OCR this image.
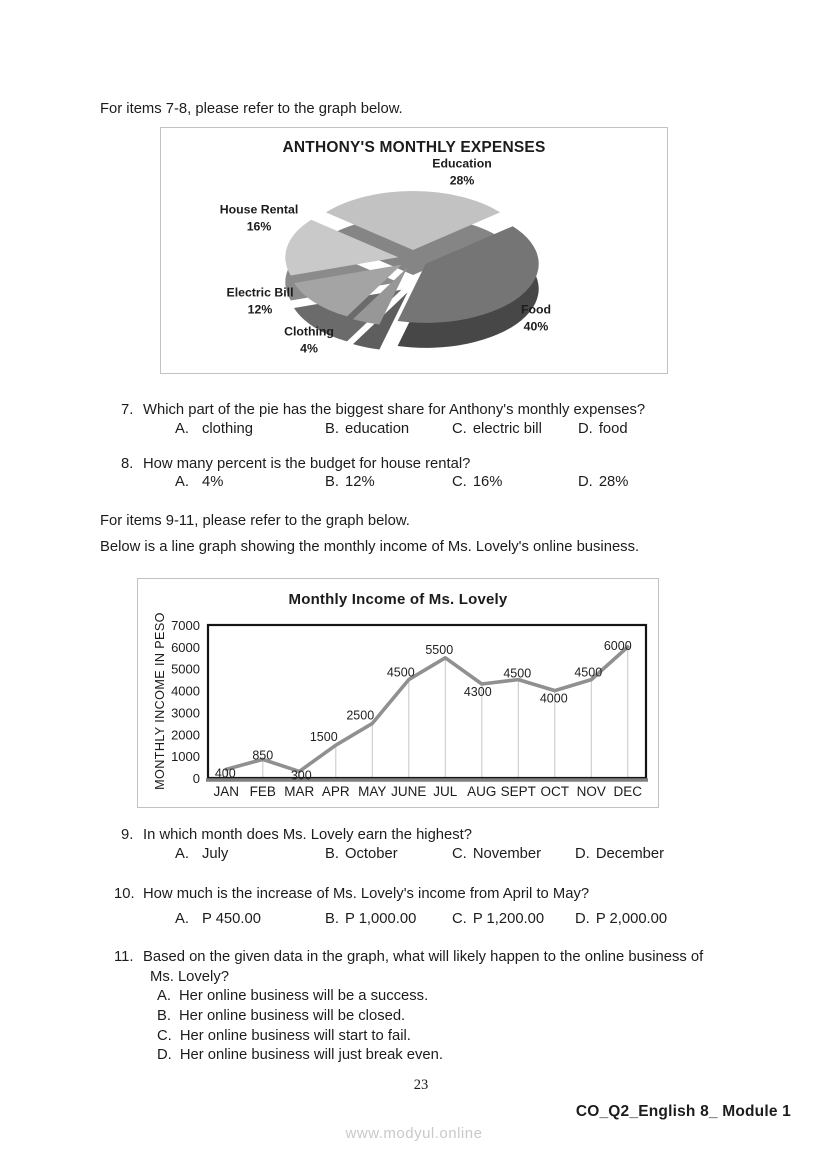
For items 7-8, please refer to the graph below.
ANTHONY'S MONTHLY EXPENSES
Education
28%
Food
40%
Clothing
4%
Electric Bill
12%
House Rental
16%
7. Which part of the pie has the biggest share for Anthony's monthly expenses?
A. clothing	B. education	C. electric bill D. food
8. How many percent is the budget for house rental?
A. 4%	B. 12%	C. 16%	D. 28%
For items 9-11, please refer to the graph below.
Below is a line graph showing the monthly income of Ms. Lovely's online business.
Monthly Income of Ms. Lovely
MONTHLY INCOME IN PESO 0
1000
2000
3000
4000
5000
6000
7000
JAN FEB MAR APR MAY JUNE JUL AUG SEPT OCT NOV DEC
400
850
300
1500
2500
4500
5500
4300
4500
4000
4500
6000
9. In which month does Ms. Lovely earn the highest?
A. July	B. October	C. November D. December
10. How much is the increase of Ms. Lovely's income from April to May?
A. P 450.00	B. P 1,000.00 C. P 1,200.00 D. P 2,000.00
11. Based on the given data in the graph, what will likely happen to the online business of
Ms. Lovely?
A. Her online business will be a success.
B. Her online business will be closed.
C. Her online business will start to fail.
D. Her online business will just break even.
23
CO_Q2_English 8_ Module 1
www.modyul.online
